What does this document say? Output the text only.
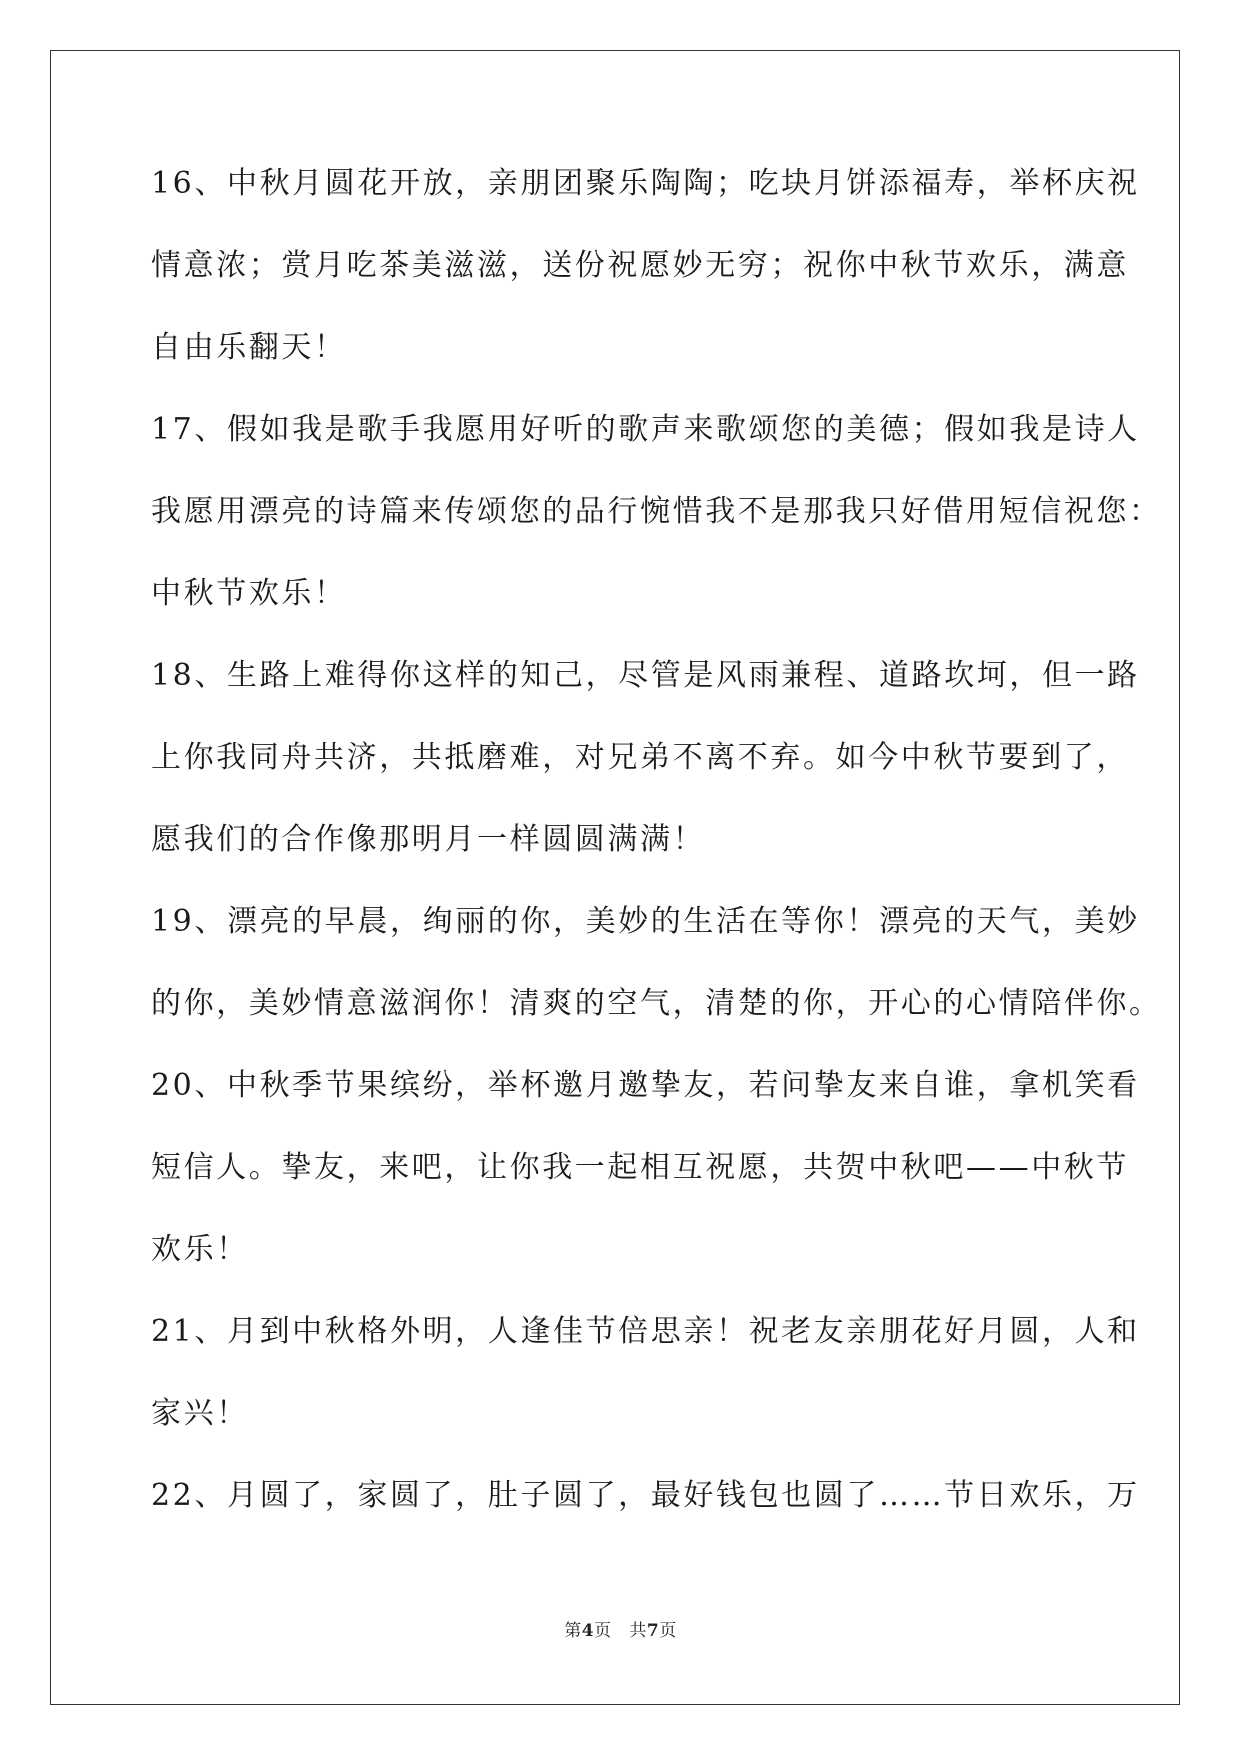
16、中秋月圆花开放，亲朋团聚乐陶陶；吃块月饼添福寿，举杯庆祝
情意浓；赏月吃茶美滋滋，送份祝愿妙无穷；祝你中秋节欢乐，满意
自由乐翻天！
17、假如我是歌手我愿用好听的歌声来歌颂您的美德；假如我是诗人
我愿用漂亮的诗篇来传颂您的品行惋惜我不是那我只好借用短信祝您：
中秋节欢乐！
18、生路上难得你这样的知己，尽管是风雨兼程、道路坎坷，但一路
上你我同舟共济，共抵磨难，对兄弟不离不弃。如今中秋节要到了，
愿我们的合作像那明月一样圆圆满满！
19、漂亮的早晨，绚丽的你，美妙的生活在等你！漂亮的天气，美妙
的你，美妙情意滋润你！清爽的空气，清楚的你，开心的心情陪伴你。
20、中秋季节果缤纷，举杯邀月邀挚友，若问挚友来自谁，拿机笑看
短信人。挚友，来吧，让你我一起相互祝愿，共贺中秋吧——中秋节
欢乐！
21、月到中秋格外明，人逢佳节倍思亲！祝老友亲朋花好月圆，人和
家兴！
22、月圆了，家圆了，肚子圆了，最好钱包也圆了……节日欢乐，万
第4页 共7页
